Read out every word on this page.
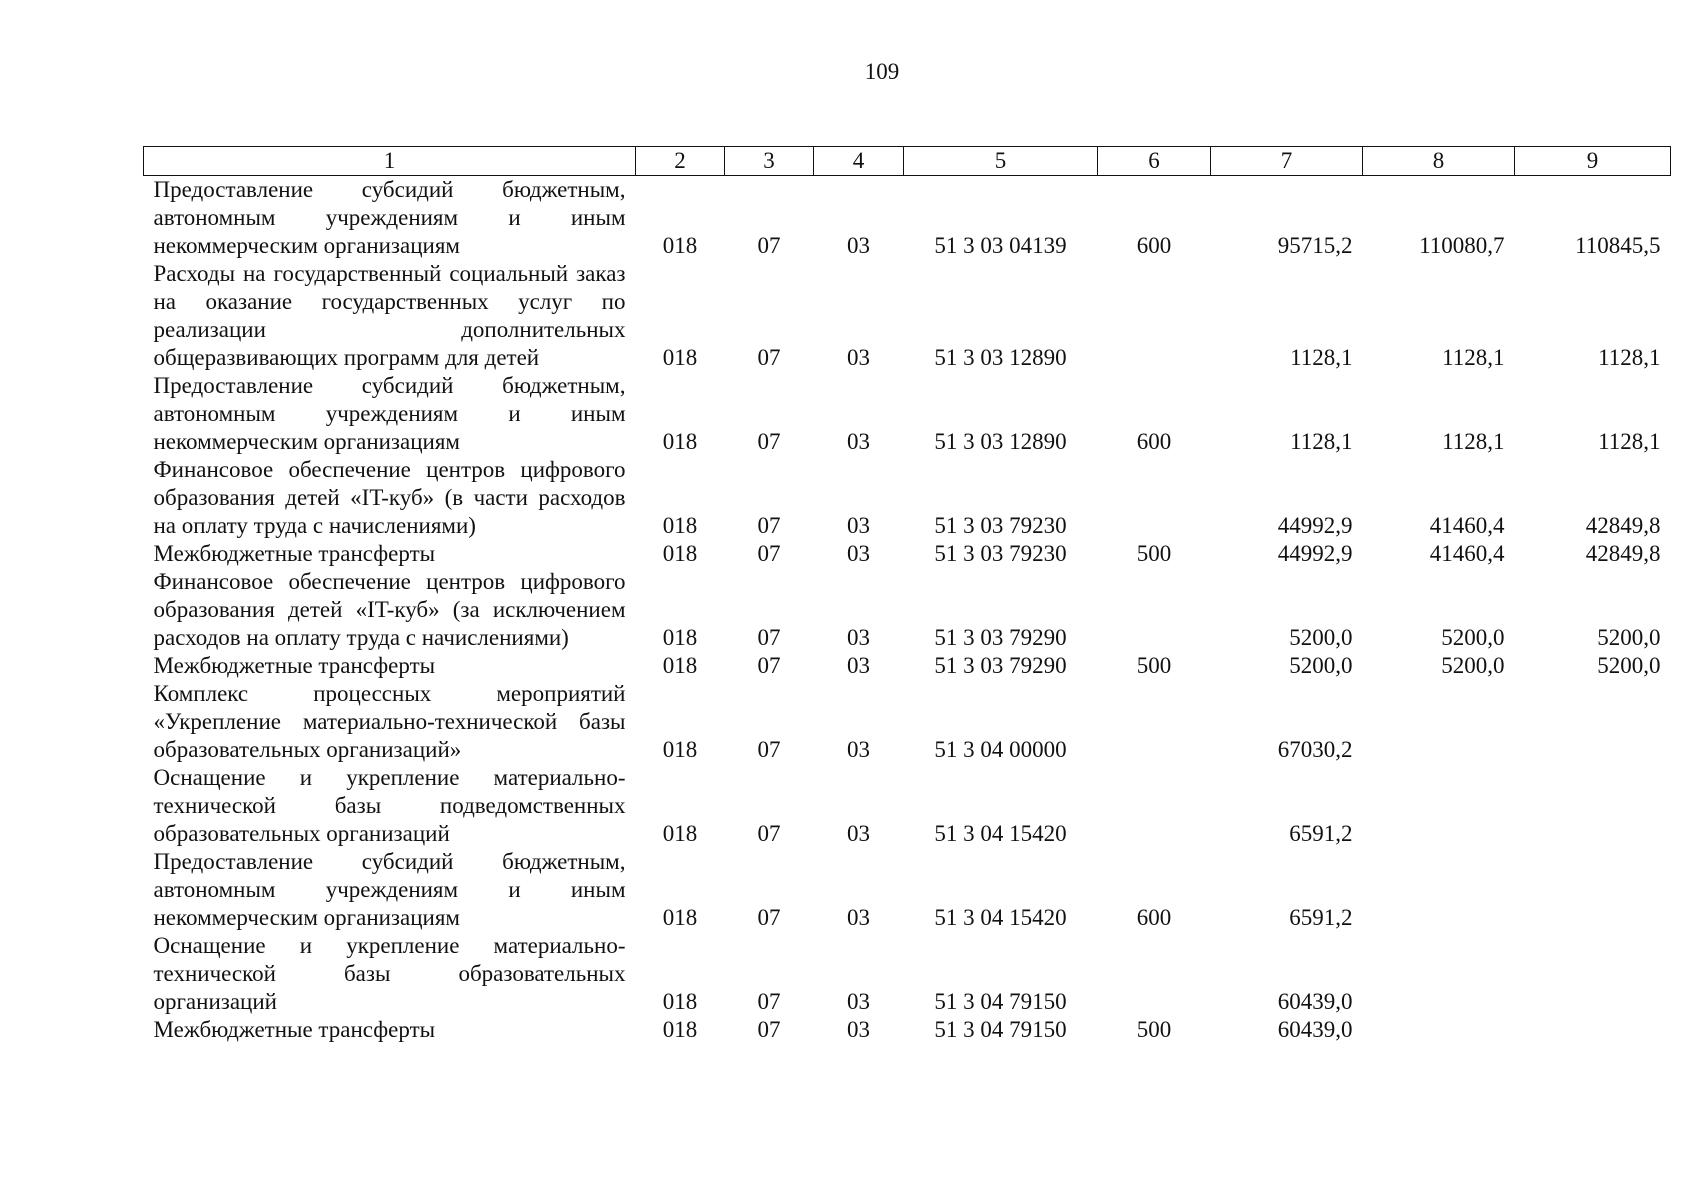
109
1	2	3	4	5	6	7	8	9
Предоставление субсидий бюджетным, автономным учреждениям и иным некоммерческим организациям	018	07	03	51 3 03 04139	600	95715,2	110080,7	110845,5
Расходы на государственный социальный заказ на оказание государственных услуг по реализации дополнительных общеразвивающих программ для детей	018	07	03	51 3 03 12890		1128,1	1128,1	1128,1
Предоставление субсидий бюджетным, автономным учреждениям и иным некоммерческим организациям	018	07	03	51 3 03 12890	600	1128,1	1128,1	1128,1
Финансовое обеспечение центров цифрового образования детей «IT-куб» (в части расходов на оплату труда с начислениями)	018	07	03	51 3 03 79230		44992,9	41460,4	42849,8
Межбюджетные трансферты	018	07	03	51 3 03 79230	500	44992,9	41460,4	42849,8
Финансовое обеспечение центров цифрового образования детей «IT-куб» (за исключением расходов на оплату труда с начислениями)	018	07	03	51 3 03 79290		5200,0	5200,0	5200,0
Межбюджетные трансферты	018	07	03	51 3 03 79290	500	5200,0	5200,0	5200,0
Комплекс процессных мероприятий «Укрепление материально-технической базы образовательных организаций»	018	07	03	51 3 04 00000		67030,2		
Оснащение и укрепление материально-технической базы подведомственных образовательных организаций	018	07	03	51 3 04 15420		6591,2		
Предоставление субсидий бюджетным, автономным учреждениям и иным некоммерческим организациям	018	07	03	51 3 04 15420	600	6591,2		
Оснащение и укрепление материально-технической базы образовательных организаций	018	07	03	51 3 04 79150		60439,0		
Межбюджетные трансферты	018	07	03	51 3 04 79150	500	60439,0		
